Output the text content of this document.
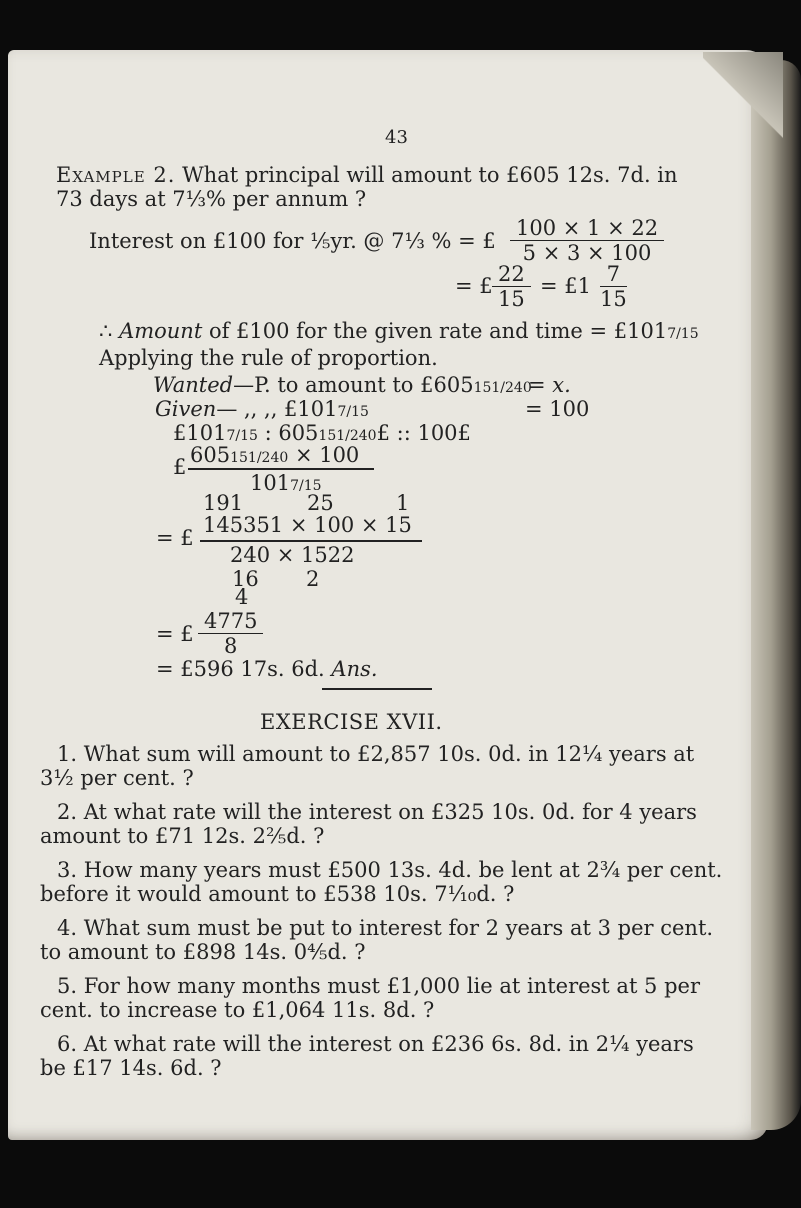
43
Example 2. What principal will amount to £605 12s. 7d. in
73 days at 7⅓% per annum ?
Interest on £100 for ⅕yr. @ 7⅓ % = £ $\frac{100 \times 1 \times 22}{5 \times 3 \times 100}$
= £ $\frac{22}{15}$ = £1 $\frac{7}{15}$
∴ Amount of £100 for the given rate and time = £1017/15
Applying the rule of proportion.
Wanted—P. to amount to £605151/240
= x.
Given— ,, ,, £1017/15	= 100
£1017/15 : 605151/240£ :: 100£
£ 605151/240 × 100
1017/15
191	25	1
= £
145351 × 100 × 15
240 × 1522
16 2
4
= £ $\frac{4775}{8}$
= £596 17s. 6d. Ans.
EXERCISE XVII.
1. What sum will amount to £2,857 10s. 0d. in 12¼ years at
3½ per cent. ?
2. At what rate will the interest on £325 10s. 0d. for 4 years
amount to £71 12s. 2⅖d. ?
3. How many years must £500 13s. 4d. be lent at 2¾ per cent.
before it would amount to £538 10s. 7¹⁄₁₀d. ?
4. What sum must be put to interest for 2 years at 3 per cent.
to amount to £898 14s. 0⅘d. ?
5. For how many months must £1,000 lie at interest at 5 per
cent. to increase to £1,064 11s. 8d. ?
6. At what rate will the interest on £236 6s. 8d. in 2¼ years
be £17 14s. 6d. ?
